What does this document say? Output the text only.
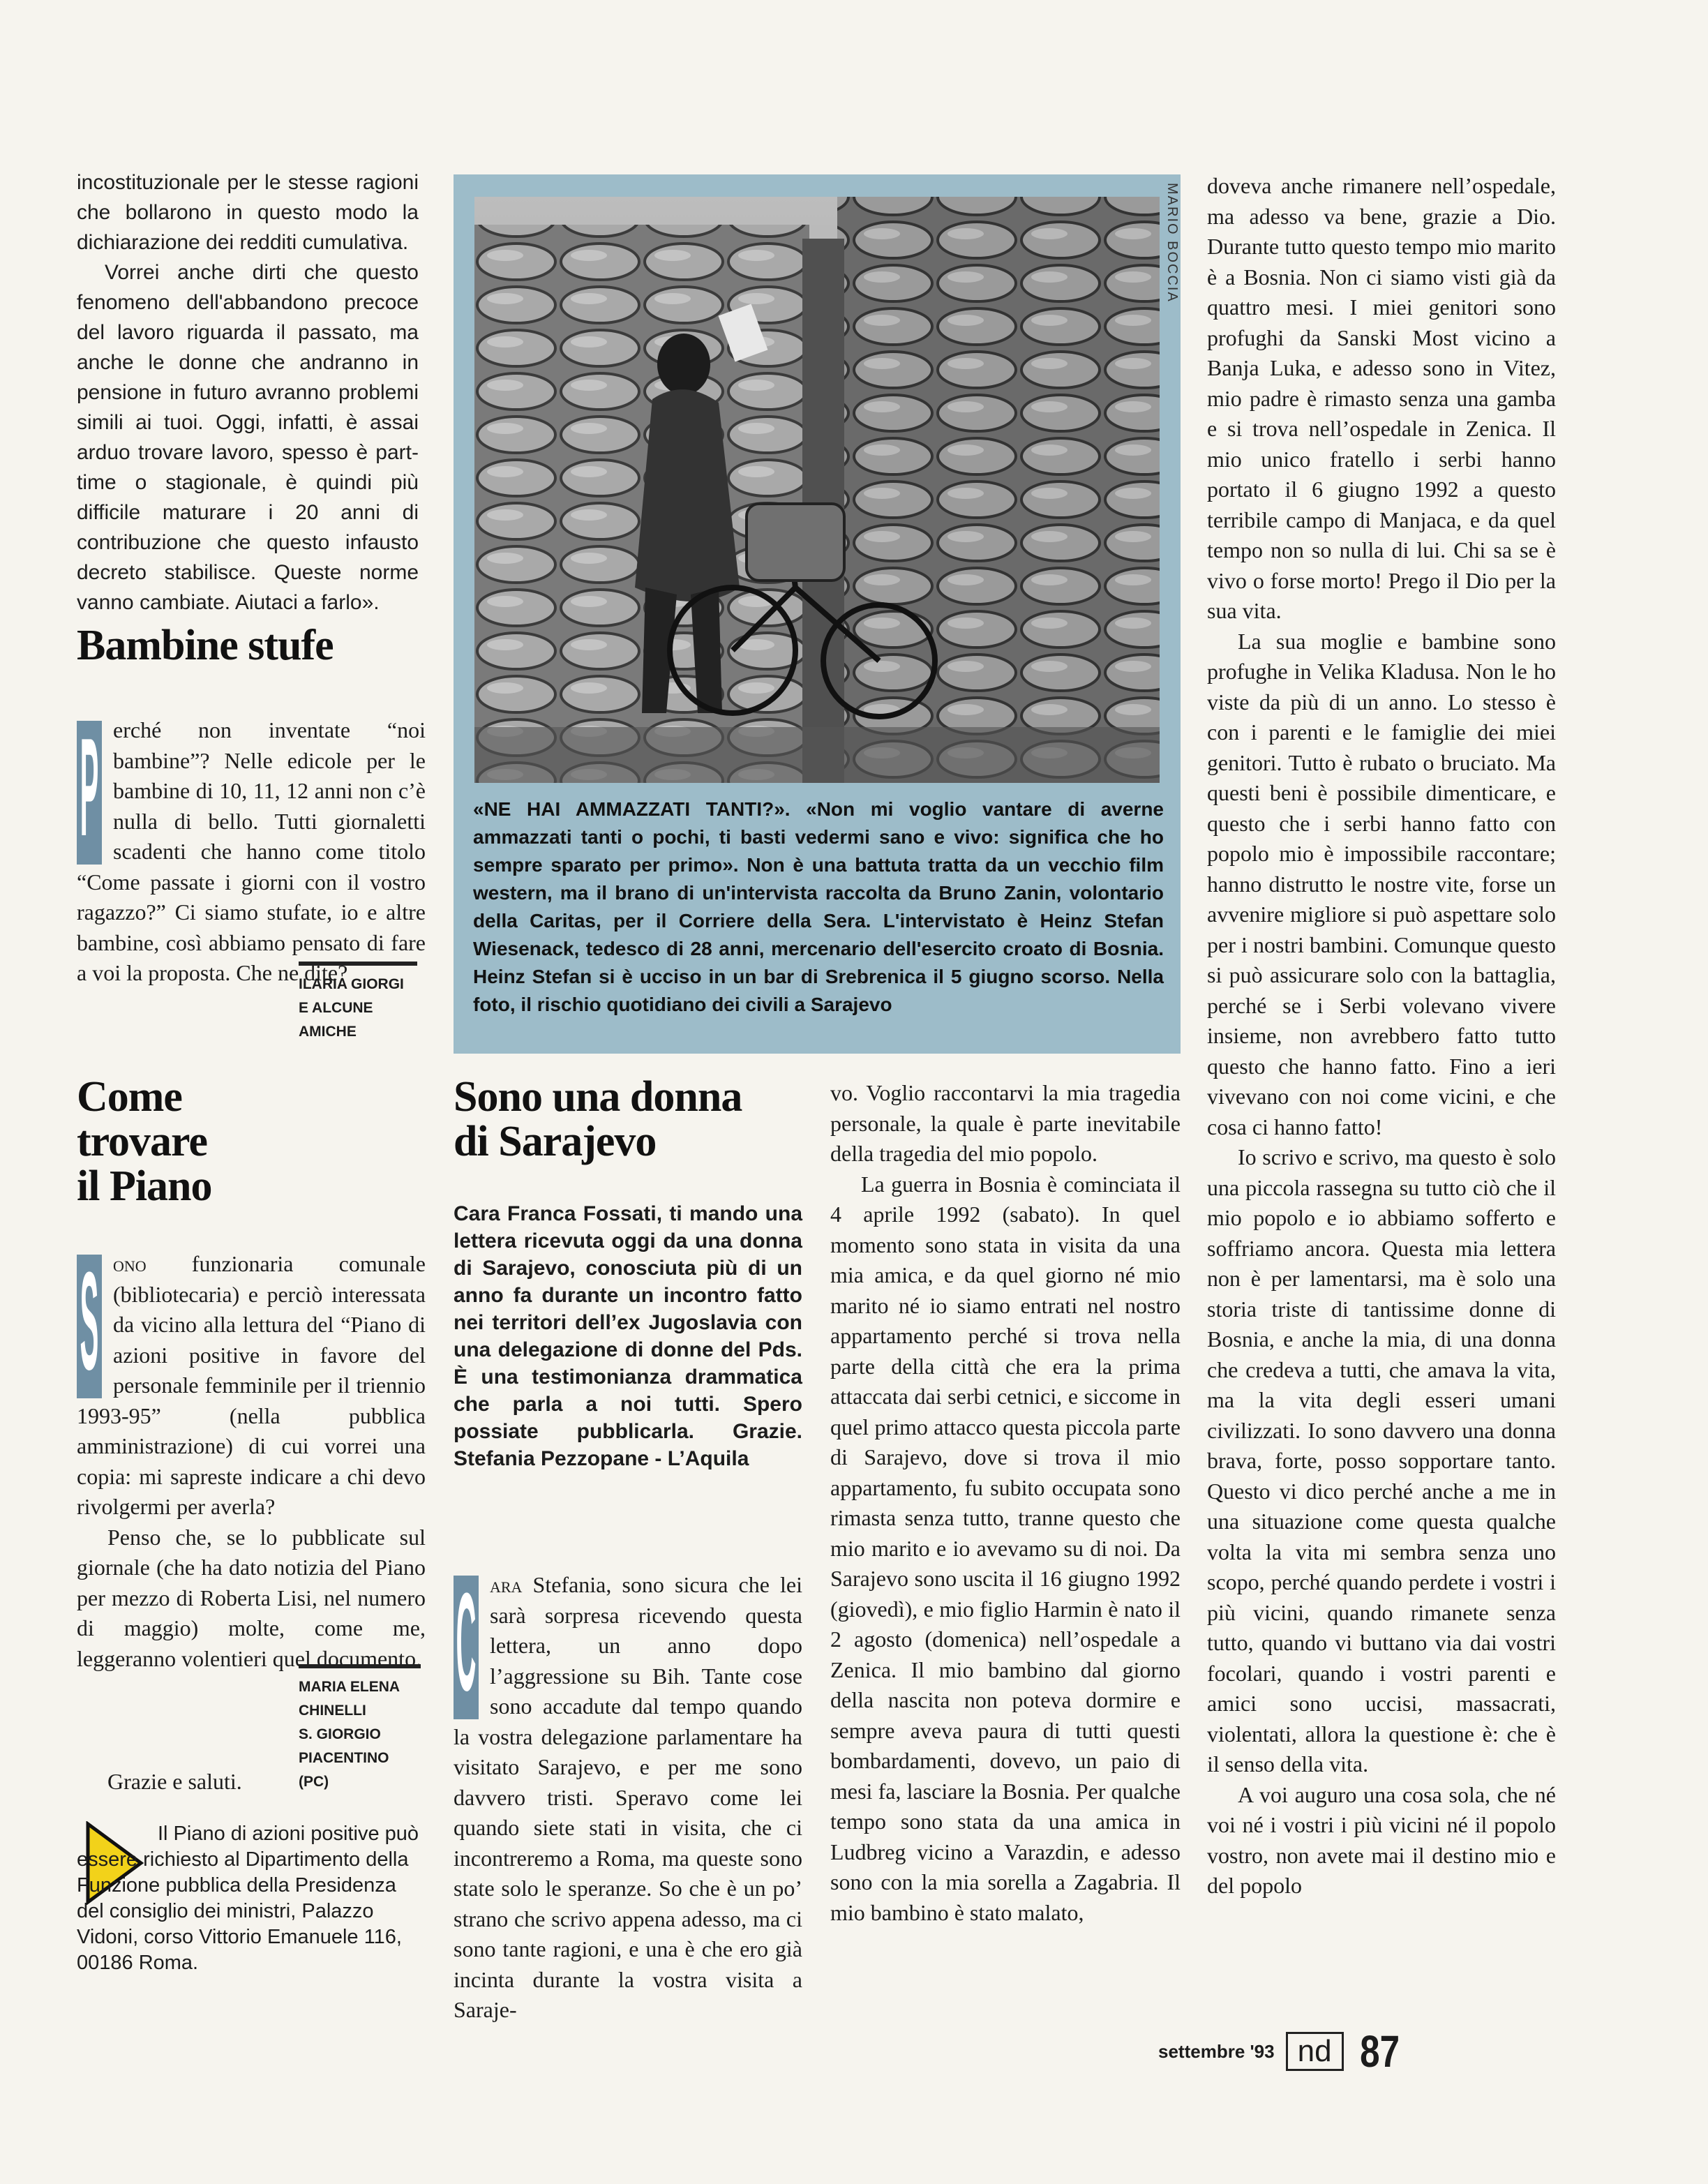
incostituzionale per le stesse ragioni che bollarono in questo modo la dichiarazione dei redditi cumulativa.

Vorrei anche dirti che questo fenomeno dell'abbandono precoce del lavoro riguarda il passato, ma anche le donne che andranno in pensione in futuro avranno problemi simili ai tuoi. Oggi, infatti, è assai arduo trovare lavoro, spesso è part-time o stagionale, è quindi più difficile maturare i 20 anni di contribuzione che questo infausto decreto stabilisce. Queste norme vanno cambiate. Aiutaci a farlo».

Bambine stufe
P erché non inventate “noi bambine”? Nelle edicole per le bambine di 10, 11, 12 anni non c’è nulla di bello. Tutti giornaletti scadenti che hanno come titolo “Come passate i giorni con il vostro ragazzo?” Ci siamo stufate, io e altre bambine, così abbiamo pensato di fare a voi la proposta. Che ne dite?
ILARIA GIORGI
E ALCUNE AMICHE
Come
trovare
il Piano
S ono funzionaria comunale (bibliotecaria) e perciò interessata da vicino alla lettura del “Piano di azioni positive in favore del personale femminile per il triennio 1993-95” (nella pubblica amministrazione) di cui vorrei una copia: mi sapreste indicare a chi devo rivolgermi per averla?

Penso che, se lo pubblicate sul giornale (che ha dato notizia del Piano per mezzo di Roberta Lisi, nel numero di maggio) molte, come me, leggeranno volentieri quel documento.

Grazie e saluti.

MARIA ELENA
CHINELLI
S. GIORGIO
PIACENTINO (PC)
Il Piano di azioni positive può essere richiesto al Dipartimento della Funzione pubblica della Presidenza del consiglio dei ministri, Palazzo Vidoni, corso Vittorio Emanuele 116, 00186 Roma.
MARIO BOCCIA
«NE HAI AMMAZZATI TANTI?». «Non mi voglio vantare di averne ammazzati tanti o pochi, ti basti vedermi sano e vivo: significa che ho sempre sparato per primo». Non è una battuta tratta da un vecchio film western, ma il brano di un'intervista raccolta da Bruno Zanin, volontario della Caritas, per il Corriere della Sera. L'intervistato è Heinz Stefan Wiesenack, tedesco di 28 anni, mercenario dell'esercito croato di Bosnia. Heinz Stefan si è ucciso in un bar di Srebrenica il 5 giugno scorso. Nella foto, il rischio quotidiano dei civili a Sarajevo
Sono una donna
di Sarajevo
Cara Franca Fossati, ti mando una lettera ricevuta oggi da una donna di Sarajevo, conosciuta più di un anno fa durante un incontro fatto nei territori dell’ex Jugoslavia con una delegazione di donne del Pds. È una testimonianza drammatica che parla a noi tutti. Spero possiate pubblicarla. Grazie. Stefania Pezzopane - L’Aquila
C ara Stefania, sono sicura che lei sarà sorpresa ricevendo questa lettera, un anno dopo l’aggressione su Bih. Tante cose sono accadute dal tempo quando la vostra delegazione parlamentare ha visitato Sarajevo, e per me sono davvero tristi. Speravo come lei quando siete stati in visita, che ci incontreremo a Roma, ma queste sono state solo le speranze. So che è un po’ strano che scrivo appena adesso, ma ci sono tante ragioni, e una è che ero già incinta durante la vostra visita a Saraje-

vo. Voglio raccontarvi la mia tragedia personale, la quale è parte inevitabile della tragedia del mio popolo.

La guerra in Bosnia è cominciata il 4 aprile 1992 (sabato). In quel momento sono stata in visita da una mia amica, e da quel giorno né mio marito né io siamo entrati nel nostro appartamento perché si trova nella parte della città che era la prima attaccata dai serbi cetnici, e siccome in quel primo attacco questa piccola parte di Sarajevo, dove si trova il mio appartamento, fu subito occupata sono rimasta senza tutto, tranne questo che mio marito e io avevamo su di noi. Da Sarajevo sono uscita il 16 giugno 1992 (giovedì), e mio figlio Harmin è nato il 2 agosto (domenica) nell’ospedale a Zenica. Il mio bambino dal giorno della nascita non poteva dormire e sempre aveva paura di tutti questi bombardamenti, dovevo, un paio di mesi fa, lasciare la Bosnia. Per qualche tempo sono stata da una amica in Ludbreg vicino a Varazdin, e adesso sono con la mia sorella a Zagabria. Il mio bambino è stato malato,

doveva anche rimanere nell’ospedale, ma adesso va bene, grazie a Dio. Durante tutto questo tempo mio marito è a Bosnia. Non ci siamo visti già da quattro mesi. I miei genitori sono profughi da Sanski Most vicino a Banja Luka, e adesso sono in Vitez, mio padre è rimasto senza una gamba e si trova nell’ospedale in Zenica. Il mio unico fratello i serbi hanno portato il 6 giugno 1992 a questo terribile campo di Manjaca, e da quel tempo non so nulla di lui. Chi sa se è vivo o forse morto! Prego il Dio per la sua vita.

La sua moglie e bambine sono profughe in Velika Kladusa. Non le ho viste da più di un anno. Lo stesso è con i parenti e le famiglie dei miei genitori. Tutto è rubato o bruciato. Ma questi beni è possibile dimenticare, e questo che i serbi hanno fatto con popolo mio è impossibile raccontare; hanno distrutto le nostre vite, forse un avvenire migliore si può aspettare solo per i nostri bambini. Comunque questo si può assicurare solo con la battaglia, perché se i Serbi volevano vivere insieme, non avrebbero fatto tutto questo che hanno fatto. Fino a ieri vivevano con noi come vicini, e che cosa ci hanno fatto!

Io scrivo e scrivo, ma questo è solo una piccola rassegna su tutto ciò che il mio popolo e io abbiamo sofferto e soffriamo ancora. Questa mia lettera non è per lamentarsi, ma è solo una storia triste di tantissime donne di Bosnia, e anche la mia, di una donna che credeva a tutti, che amava la vita, ma la vita degli esseri umani civilizzati. Io sono davvero una donna brava, forte, posso sopportare tanto. Questo vi dico perché anche a me in una situazione come questa qualche volta la vita mi sembra senza uno scopo, perché quando perdete i vostri i più vicini, quando rimanete senza tutto, quando vi buttano via dai vostri focolari, quando i vostri parenti e amici sono uccisi, massacrati, violentati, allora la questione è: che è il senso della vita.

A voi auguro una cosa sola, che né voi né i vostri i più vicini né il popolo vostro, non avete mai il destino mio e del popolo

settembre '93 nd 87
